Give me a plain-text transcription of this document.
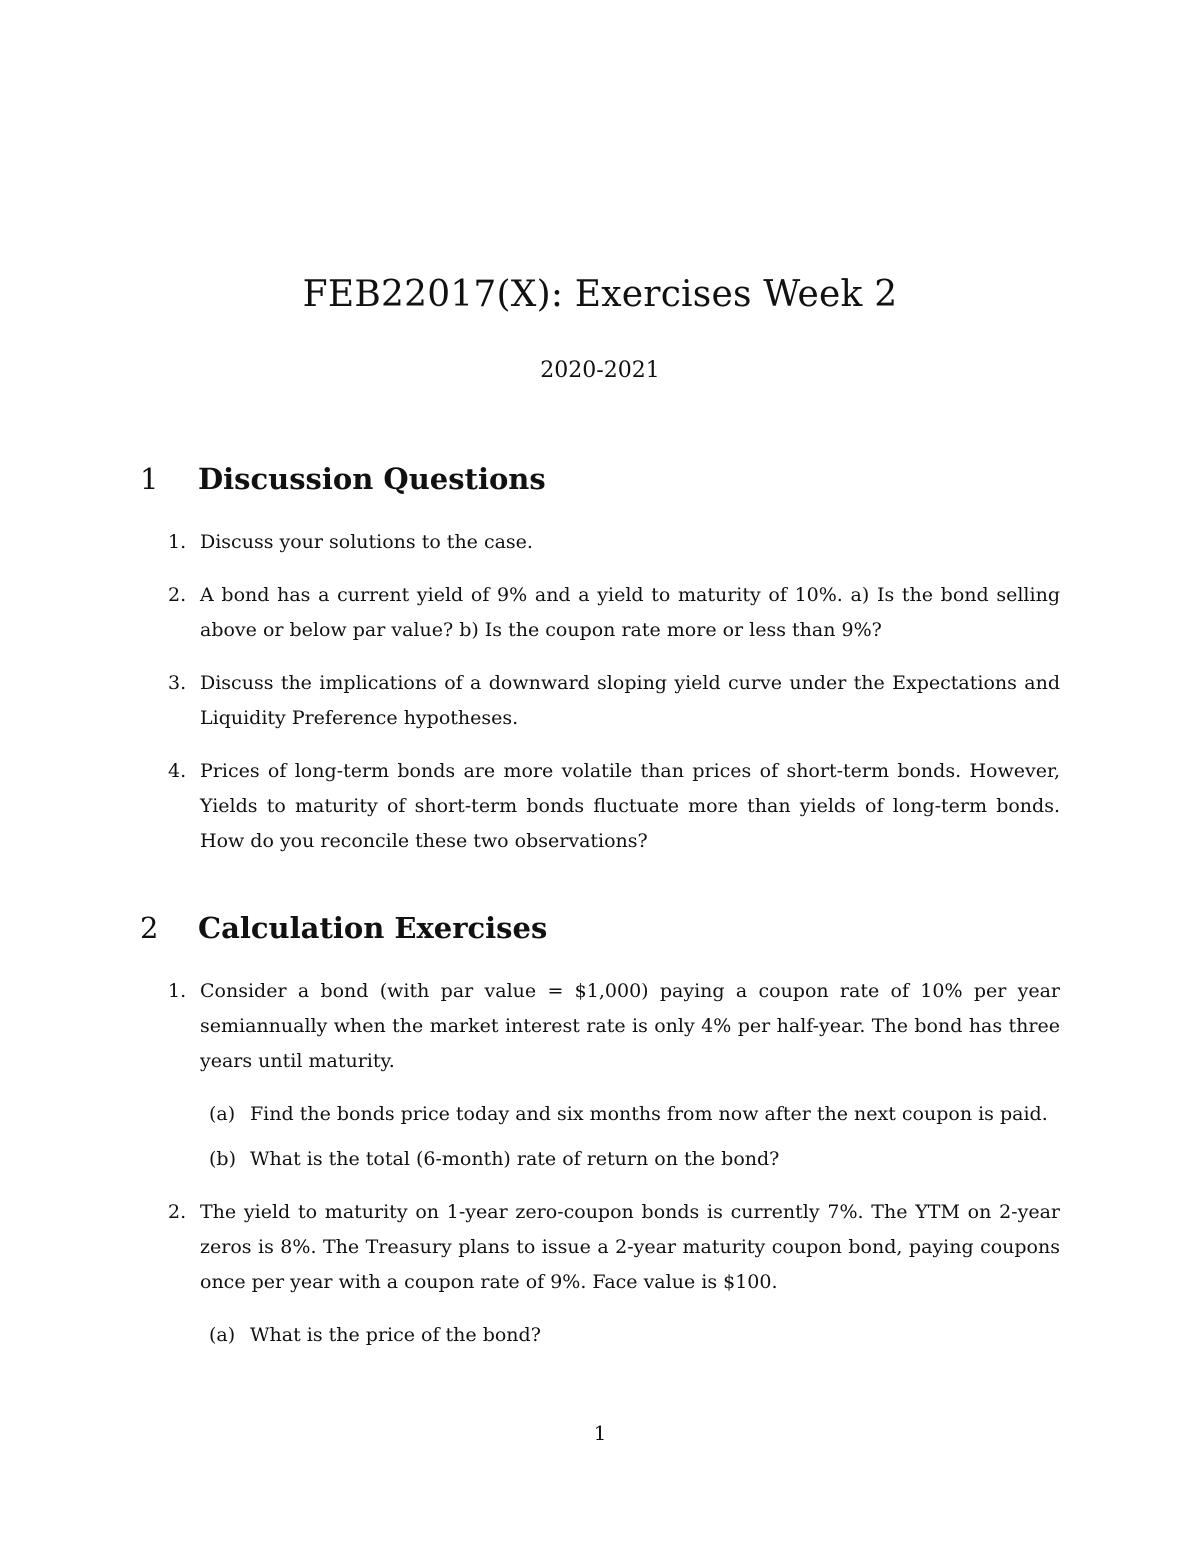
FEB22017(X): Exercises Week 2
2020-2021
1	Discussion Questions
1. Discuss your solutions to the case.
2. A bond has a current yield of 9% and a yield to maturity of 10%. a) Is the bond selling above or below par value? b) Is the coupon rate more or less than 9%?
3. Discuss the implications of a downward sloping yield curve under the Expectations and Liquidity Preference hypotheses.
4. Prices of long-term bonds are more volatile than prices of short-term bonds. However, Yields to maturity of short-term bonds fluctuate more than yields of long-term bonds. How do you reconcile these two observations?
2	Calculation Exercises
1. Consider a bond (with par value = $1,000) paying a coupon rate of 10% per year semiannually when the market interest rate is only 4% per half-year. The bond has three years until maturity.
(a) Find the bonds price today and six months from now after the next coupon is paid.
(b) What is the total (6-month) rate of return on the bond?
2. The yield to maturity on 1-year zero-coupon bonds is currently 7%. The YTM on 2-year zeros is 8%. The Treasury plans to issue a 2-year maturity coupon bond, paying coupons once per year with a coupon rate of 9%. Face value is $100.
(a) What is the price of the bond?
1
